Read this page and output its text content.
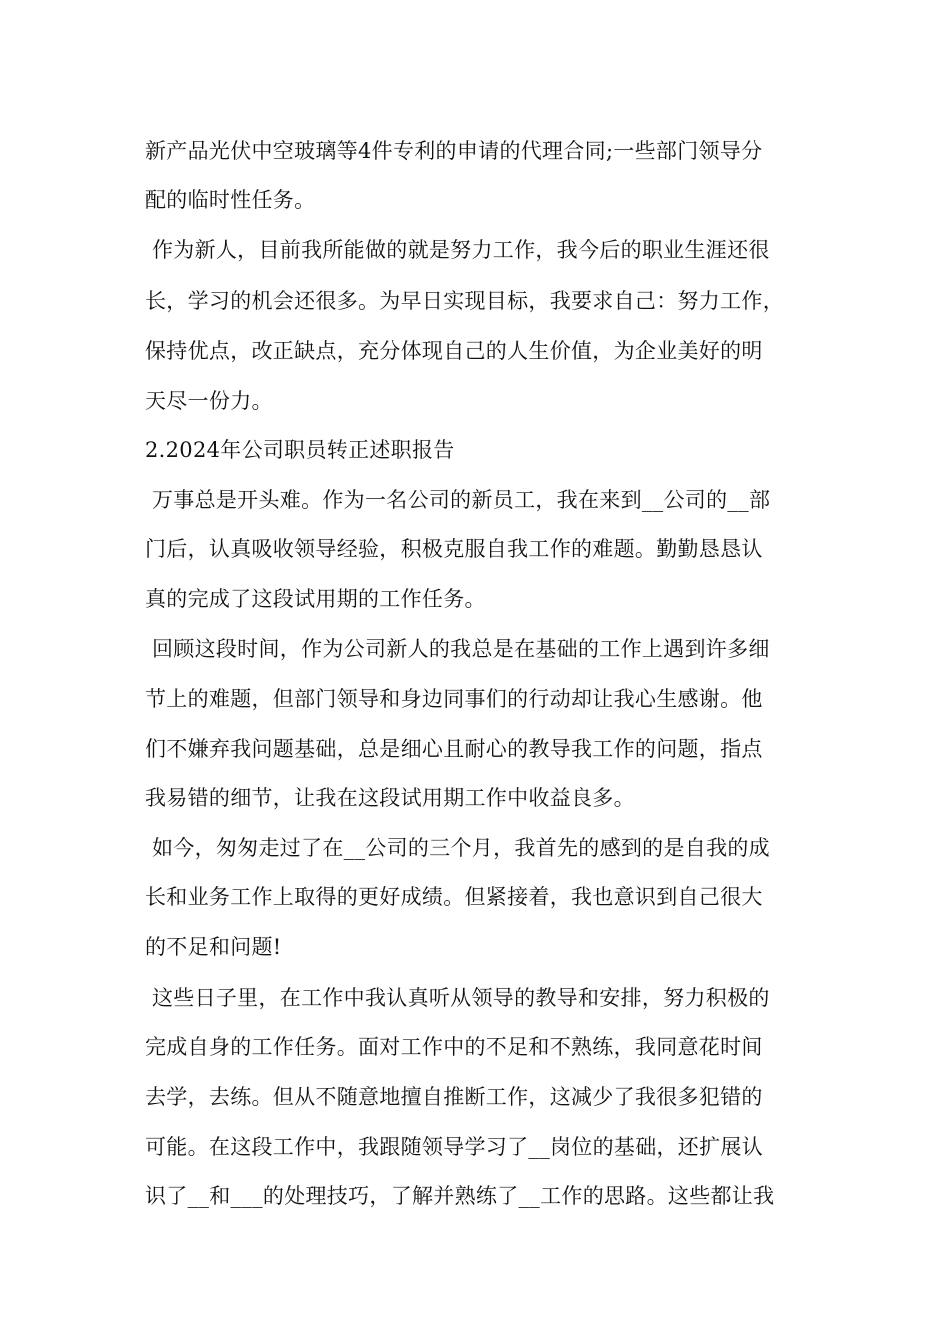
新产品光伏中空玻璃等4件专利的申请的代理合同;一些部门领导分
配的临时性任务。
作为新人，目前我所能做的就是努力工作，我今后的职业生涯还很
长，学习的机会还很多。为早日实现目标，我要求自己：努力工作，
保持优点，改正缺点，充分体现自己的人生价值，为企业美好的明
天尽一份力。
2.2024年公司职员转正述职报告
万事总是开头难。作为一名公司的新员工，我在来到__公司的__部
门后，认真吸收领导经验，积极克服自我工作的难题。勤勤恳恳认
真的完成了这段试用期的工作任务。
回顾这段时间，作为公司新人的我总是在基础的工作上遇到许多细
节上的难题，但部门领导和身边同事们的行动却让我心生感谢。他
们不嫌弃我问题基础，总是细心且耐心的教导我工作的问题，指点
我易错的细节，让我在这段试用期工作中收益良多。
如今，匆匆走过了在__公司的三个月，我首先的感到的是自我的成
长和业务工作上取得的更好成绩。但紧接着，我也意识到自己很大
的不足和问题!
这些日子里，在工作中我认真听从领导的教导和安排，努力积极的
完成自身的工作任务。面对工作中的不足和不熟练，我同意花时间
去学，去练。但从不随意地擅自推断工作，这减少了我很多犯错的
可能。在这段工作中，我跟随领导学习了__岗位的基础，还扩展认
识了__和___的处理技巧，了解并熟练了__工作的思路。这些都让我
